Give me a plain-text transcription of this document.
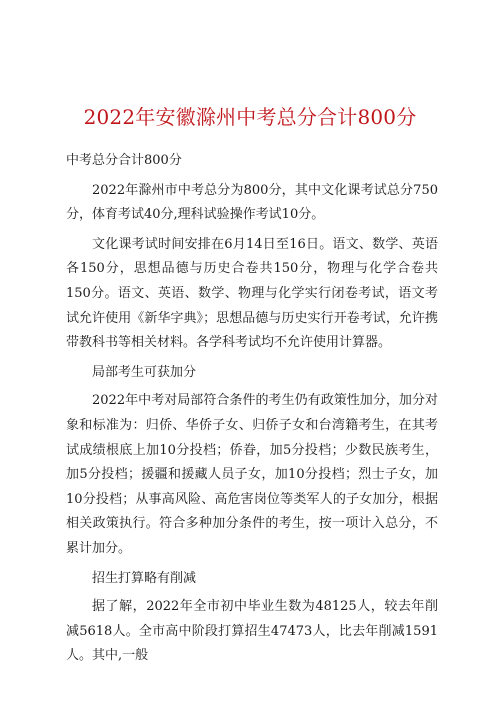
2022年安徽滁州中考总分合计800分

中考总分合计800分

2022年滁州市中考总分为800分，其中文化课考试总分750分，体育考试40分,理科试验操作考试10分。

文化课考试时间安排在6月14日至16日。语文、数学、英语各150分，思想品德与历史合卷共150分，物理与化学合卷共150分。语文、英语、数学、物理与化学实行闭卷考试，语文考试允许使用《新华字典》；思想品德与历史实行开卷考试，允许携带教科书等相关材料。各学科考试均不允许使用计算器。

局部考生可获加分

2022年中考对局部符合条件的考生仍有政策性加分，加分对象和标准为：归侨、华侨子女、归侨子女和台湾籍考生，在其考试成绩根底上加10分投档；侨眷，加5分投档；少数民族考生，加5分投档；援疆和援藏人员子女，加10分投档；烈士子女，加10分投档；从事高风险、高危害岗位等类军人的子女加分，根据相关政策执行。符合多种加分条件的考生，按一项计入总分，不累计加分。

招生打算略有削减

据了解，2022年全市初中毕业生数为48125人，较去年削减5618人。全市高中阶段打算招生47473人，比去年削减1591人。其中,一般
